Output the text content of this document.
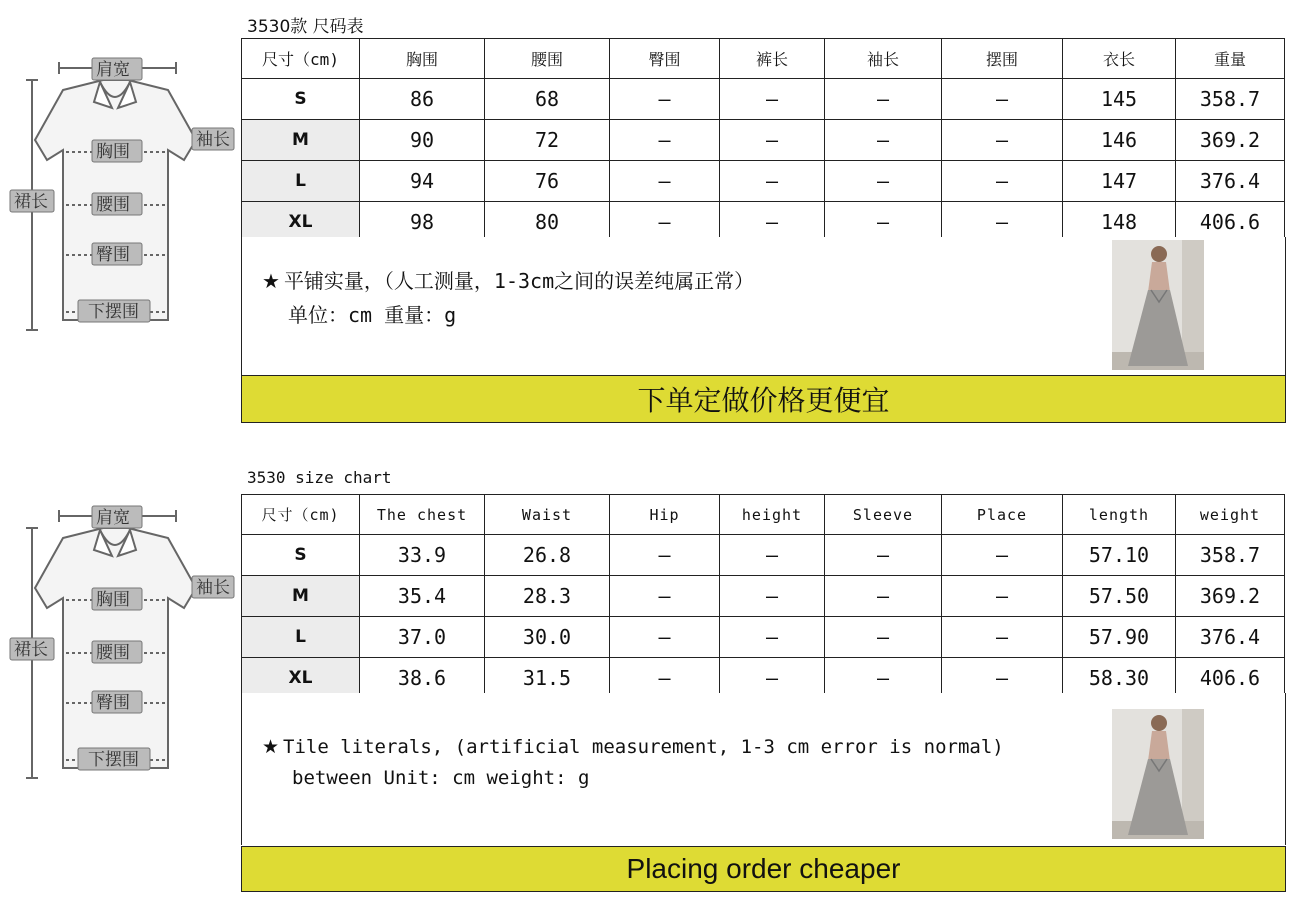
肩宽
袖长
胸围
裙长	腰围
臀围
下摆围
3530款 尺码表
尺寸（cm)	胸围	腰围	臀围	裤长	袖长	摆围	衣长	重量
S	86	68	—	—	—	—	145	358.7
M	90	72	—	—	—	—	146	369.2
L	94	76	—	—	—	—	147	376.4
XL	98	80	—	—	—	—	148	406.6
★ 平铺实量，（人工测量，1-3cm之间的误差纯属正常）
单位：cm 重量：g
下单定做价格更便宜
肩宽
袖长
胸围
裙长	腰围
臀围
下摆围
3530 size chart
尺寸（cm)	The chest	Waist	Hip	height	Sleeve	Place	length	weight
S	33.9	26.8	—	—	—	—	57.10	358.7
M	35.4	28.3	—	—	—	—	57.50	369.2
L	37.0	30.0	—	—	—	—	57.90	376.4
XL	38.6	31.5	—	—	—	—	58.30	406.6
★ Tile literals, (artificial measurement, 1-3 cm error is normal)
between Unit: cm weight: g
Placing order cheaper
